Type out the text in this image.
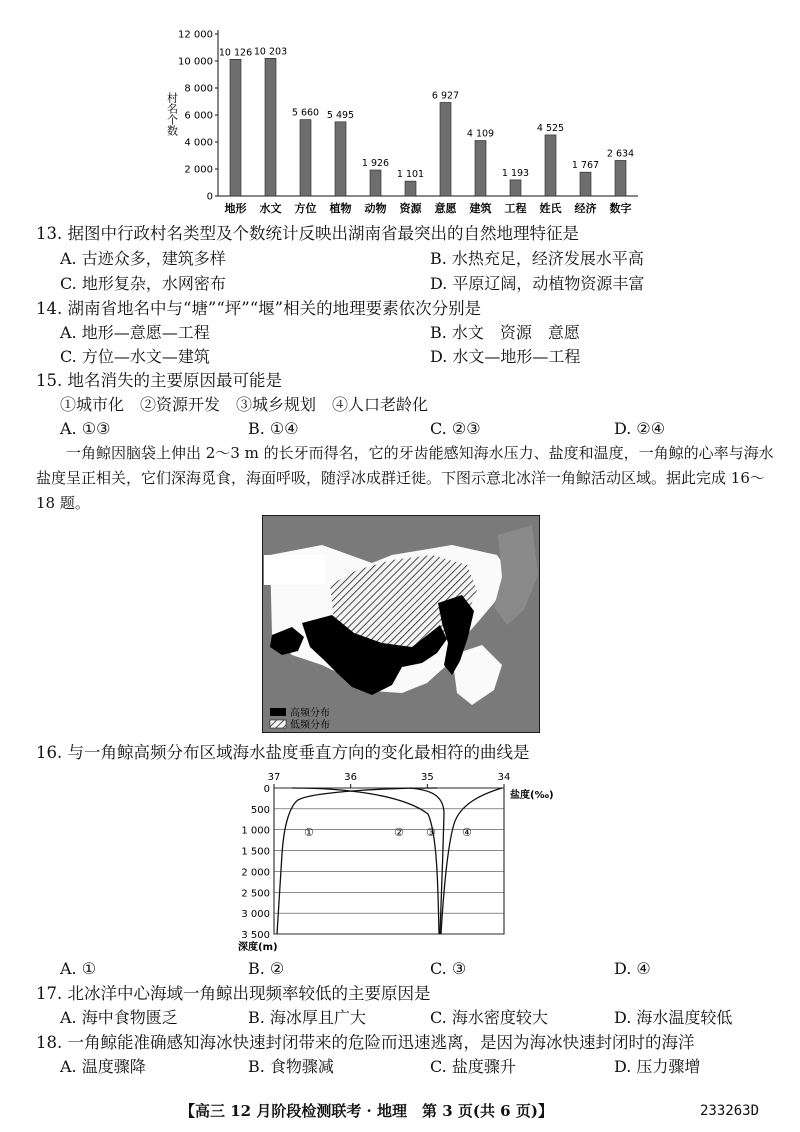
村名个数
0
2 000
4 000
6 000
8 000
10 000
12 000
10 126 10 203
5 660 5 495
1 926
1 101
6 927
4 109
1 193
4 525
1 767
2 634
地形 水文 方位 植物 动物 资源 意愿 建筑 工程 姓氏 经济 数字
13. 据图中行政村名类型及个数统计反映出湖南省最突出的自然地理特征是
A. 古迹众多，建筑多样	B. 水热充足，经济发展水平高
C. 地形复杂，水网密布	D. 平原辽阔，动植物资源丰富
14. 湖南省地名中与“塘”“坪”“堰”相关的地理要素依次分别是
A. 地形—意愿—工程	B. 水文　资源　意愿
C. 方位—水文—建筑	D. 水文—地形—工程
15. 地名消失的主要原因最可能是
①城市化　②资源开发　③城乡规划　④人口老龄化
A. ①③	B. ①④	C. ②③	D. ②④
一角鲸因脑袋上伸出 2～3 m 的长牙而得名，它的牙齿能感知海水压力、盐度和温度，一角鲸的心率与海水盐度呈正相关，它们深海觅食，海面呼吸，随浮冰成群迁徙。下图示意北冰洋一角鲸活动区域。据此完成 16～18 题。
高频分布
低频分布
16. 与一角鲸高频分布区域海水盐度垂直方向的变化最相符的曲线是
0
500
1 000
1 500
2 000
2 500
3 000
3 500
37	36	35	34
①	② ③ ④
盐度(‰)
深度(m)
A. ①	B. ②	C. ③	D. ④
17. 北冰洋中心海域一角鲸出现频率较低的主要原因是
A. 海中食物匮乏	B. 海冰厚且广大	C. 海水密度较大	D. 海水温度较低
18. 一角鲸能准确感知海冰快速封闭带来的危险而迅速逃离，是因为海冰快速封闭时的海洋
A. 温度骤降	B. 食物骤减	C. 盐度骤升	D. 压力骤增
【高三 12 月阶段检测联考 · 地理　第 3 页(共 6 页)】	233263D
